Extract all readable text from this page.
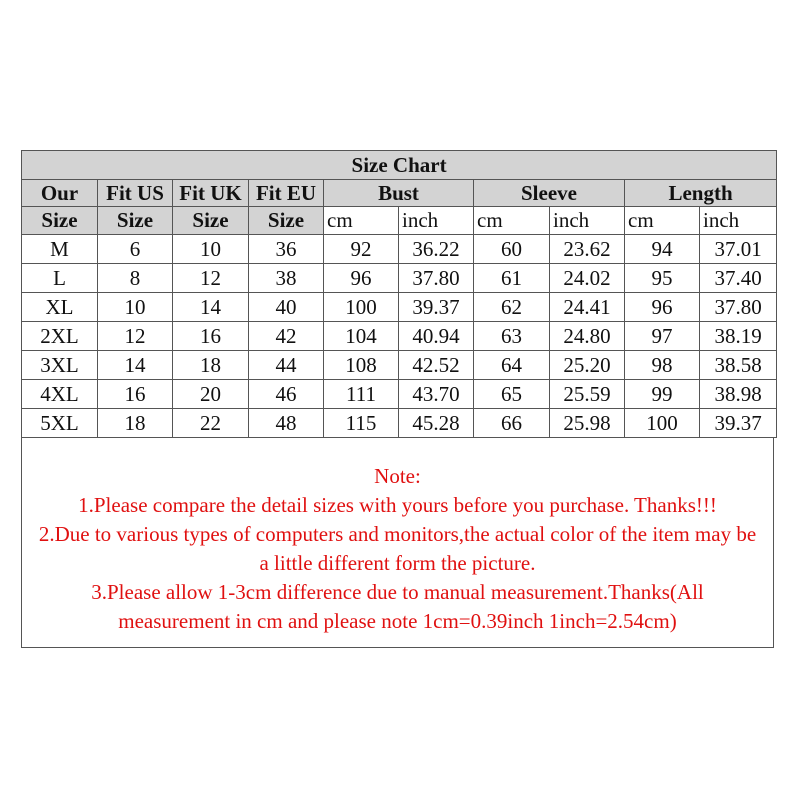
Size Chart									
Our	Fit US	Fit UK	Fit EU	Bust		Sleeve		Length	
Size	Size	Size	Size	cm	inch	cm	inch	cm	inch
M	6	10	36	92	36.22	60	23.62	94	37.01
L	8	12	38	96	37.80	61	24.02	95	37.40
XL	10	14	40	100	39.37	62	24.41	96	37.80
2XL	12	16	42	104	40.94	63	24.80	97	38.19
3XL	14	18	44	108	42.52	64	25.20	98	38.58
4XL	16	20	46	111	43.70	65	25.59	99	38.98
5XL	18	22	48	115	45.28	66	25.98	100	39.37
Note:
1.Please compare the detail sizes with yours before you purchase. Thanks!!!
2.Due to various types of computers and monitors,the actual color of the item may be
a little different form the picture.
3.Please allow 1-3cm difference due to manual measurement.Thanks(All
measurement in cm and please note 1cm=0.39inch 1inch=2.54cm)
